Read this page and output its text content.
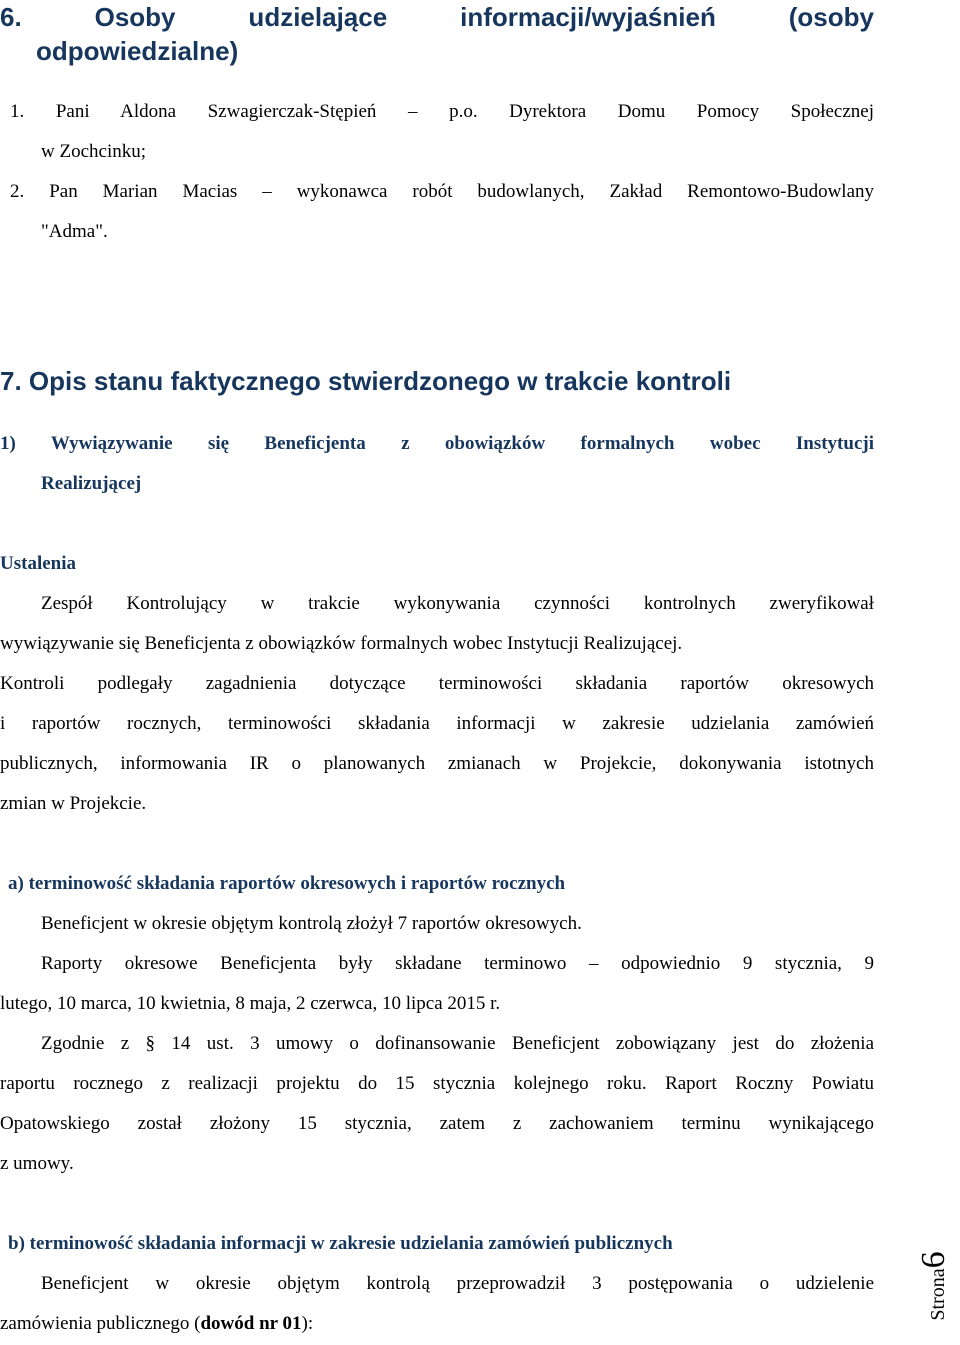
6. Osoby udzielające informacji/wyjaśnień (osoby
odpowiedzialne)
1. Pani Aldona Szwagierczak-Stępień – p.o. Dyrektora Domu Pomocy Społecznej
w Zochcinku;
2. Pan Marian Macias – wykonawca robót budowlanych, Zakład Remontowo-Budowlany
"Adma".
7. Opis stanu faktycznego stwierdzonego w trakcie kontroli
1) Wywiązywanie się Beneficjenta z obowiązków formalnych wobec Instytucji
Realizującej
Ustalenia
Zespół Kontrolujący w trakcie wykonywania czynności kontrolnych zweryfikował
wywiązywanie się Beneficjenta z obowiązków formalnych wobec Instytucji Realizującej.
Kontroli podlegały zagadnienia dotyczące terminowości składania raportów okresowych
i raportów rocznych, terminowości składania informacji w zakresie udzielania zamówień
publicznych, informowania IR o planowanych zmianach w Projekcie, dokonywania istotnych
zmian w Projekcie.
a) terminowość składania raportów okresowych i raportów rocznych
Beneficjent w okresie objętym kontrolą złożył 7 raportów okresowych.
Raporty okresowe Beneficjenta były składane terminowo – odpowiednio 9 stycznia, 9
lutego, 10 marca, 10 kwietnia, 8 maja, 2 czerwca, 10 lipca 2015 r.
Zgodnie z § 14 ust. 3 umowy o dofinansowanie Beneficjent zobowiązany jest do złożenia
raportu rocznego z realizacji projektu do 15 stycznia kolejnego roku. Raport Roczny Powiatu
Opatowskiego został złożony 15 stycznia, zatem z zachowaniem terminu wynikającego
z umowy.
b) terminowość składania informacji w zakresie udzielania zamówień publicznych
Beneficjent w okresie objętym kontrolą przeprowadził 3 postępowania o udzielenie
zamówienia publicznego (dowód nr 01):
Strona6
